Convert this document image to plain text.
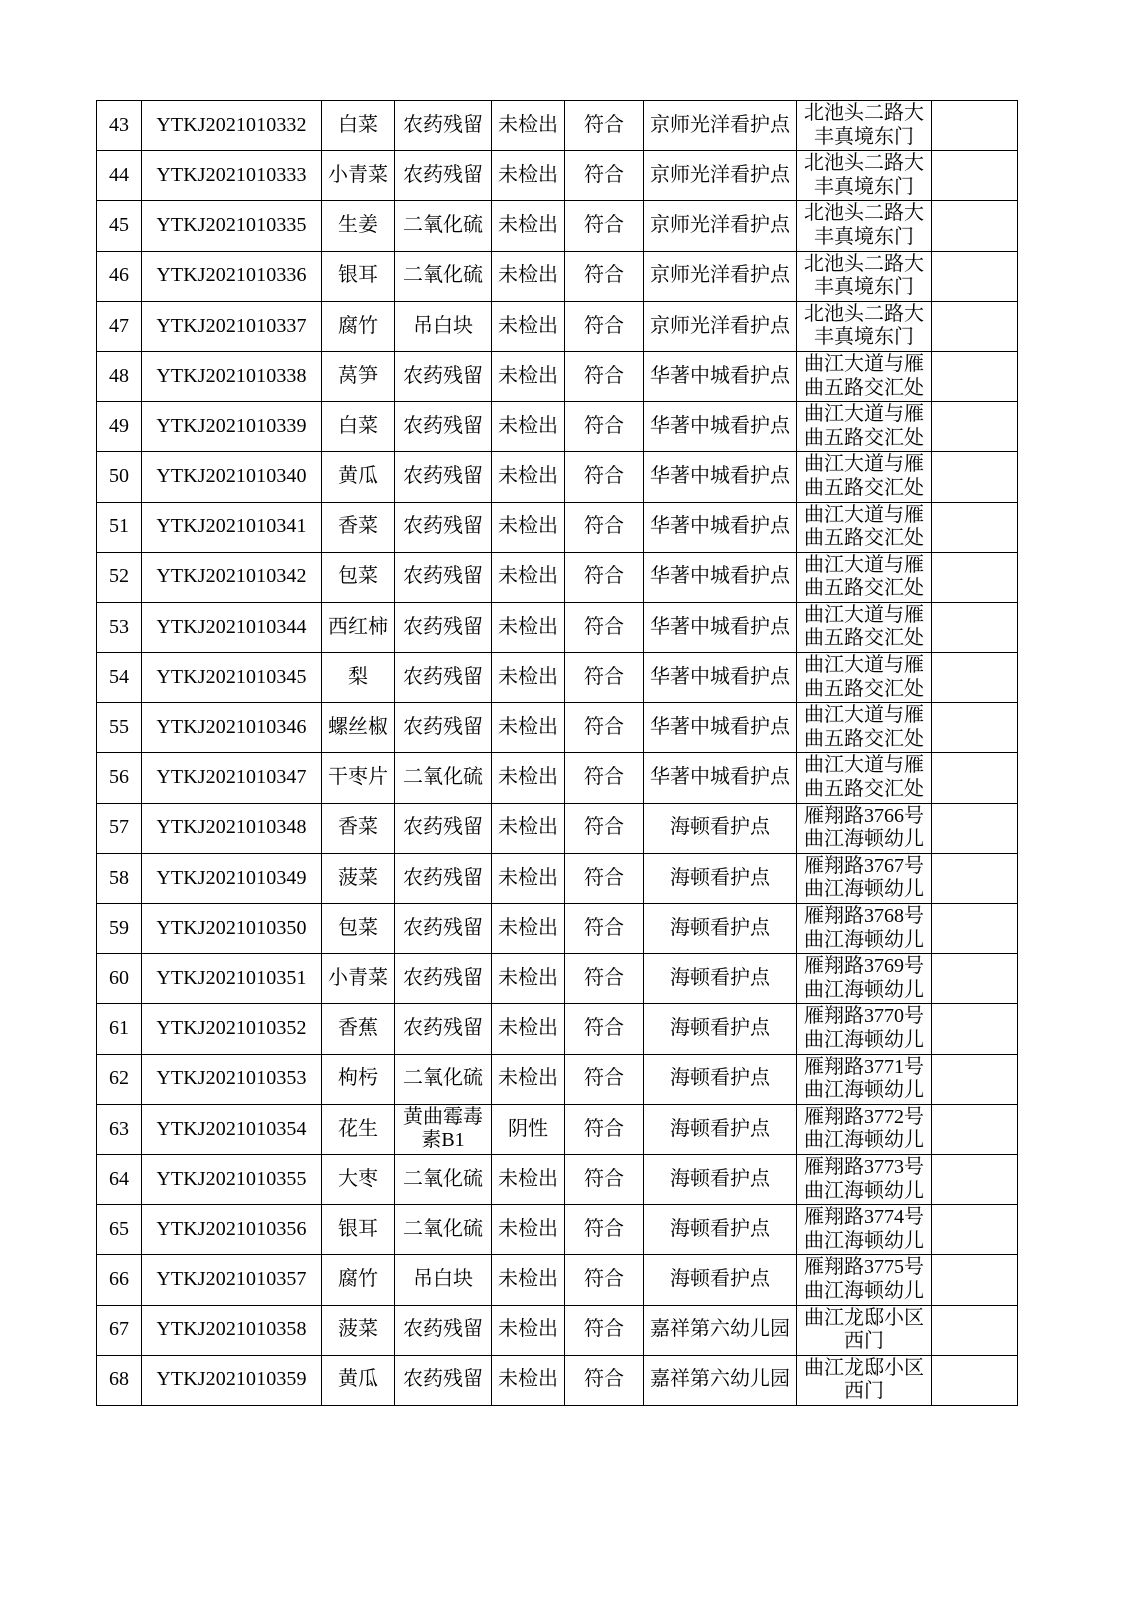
43	YTKJ2021010332	白菜	农药残留	未检出	符合	京师光洋看护点	北池头二路大丰真境东门	
44	YTKJ2021010333	小青菜	农药残留	未检出	符合	京师光洋看护点	北池头二路大丰真境东门	
45	YTKJ2021010335	生姜	二氧化硫	未检出	符合	京师光洋看护点	北池头二路大丰真境东门	
46	YTKJ2021010336	银耳	二氧化硫	未检出	符合	京师光洋看护点	北池头二路大丰真境东门	
47	YTKJ2021010337	腐竹	吊白块	未检出	符合	京师光洋看护点	北池头二路大丰真境东门	
48	YTKJ2021010338	莴笋	农药残留	未检出	符合	华著中城看护点	曲江大道与雁曲五路交汇处	
49	YTKJ2021010339	白菜	农药残留	未检出	符合	华著中城看护点	曲江大道与雁曲五路交汇处	
50	YTKJ2021010340	黄瓜	农药残留	未检出	符合	华著中城看护点	曲江大道与雁曲五路交汇处	
51	YTKJ2021010341	香菜	农药残留	未检出	符合	华著中城看护点	曲江大道与雁曲五路交汇处	
52	YTKJ2021010342	包菜	农药残留	未检出	符合	华著中城看护点	曲江大道与雁曲五路交汇处	
53	YTKJ2021010344	西红柿	农药残留	未检出	符合	华著中城看护点	曲江大道与雁曲五路交汇处	
54	YTKJ2021010345	梨	农药残留	未检出	符合	华著中城看护点	曲江大道与雁曲五路交汇处	
55	YTKJ2021010346	螺丝椒	农药残留	未检出	符合	华著中城看护点	曲江大道与雁曲五路交汇处	
56	YTKJ2021010347	干枣片	二氧化硫	未检出	符合	华著中城看护点	曲江大道与雁曲五路交汇处	
57	YTKJ2021010348	香菜	农药残留	未检出	符合	海顿看护点	雁翔路3766号曲江海顿幼儿	
58	YTKJ2021010349	菠菜	农药残留	未检出	符合	海顿看护点	雁翔路3767号曲江海顿幼儿	
59	YTKJ2021010350	包菜	农药残留	未检出	符合	海顿看护点	雁翔路3768号曲江海顿幼儿	
60	YTKJ2021010351	小青菜	农药残留	未检出	符合	海顿看护点	雁翔路3769号曲江海顿幼儿	
61	YTKJ2021010352	香蕉	农药残留	未检出	符合	海顿看护点	雁翔路3770号曲江海顿幼儿	
62	YTKJ2021010353	枸杇	二氧化硫	未检出	符合	海顿看护点	雁翔路3771号曲江海顿幼儿	
63	YTKJ2021010354	花生	黄曲霉毒素B1	阴性	符合	海顿看护点	雁翔路3772号曲江海顿幼儿	
64	YTKJ2021010355	大枣	二氧化硫	未检出	符合	海顿看护点	雁翔路3773号曲江海顿幼儿	
65	YTKJ2021010356	银耳	二氧化硫	未检出	符合	海顿看护点	雁翔路3774号曲江海顿幼儿	
66	YTKJ2021010357	腐竹	吊白块	未检出	符合	海顿看护点	雁翔路3775号曲江海顿幼儿	
67	YTKJ2021010358	菠菜	农药残留	未检出	符合	嘉祥第六幼儿园	曲江龙邸小区西门	
68	YTKJ2021010359	黄瓜	农药残留	未检出	符合	嘉祥第六幼儿园	曲江龙邸小区西门	
